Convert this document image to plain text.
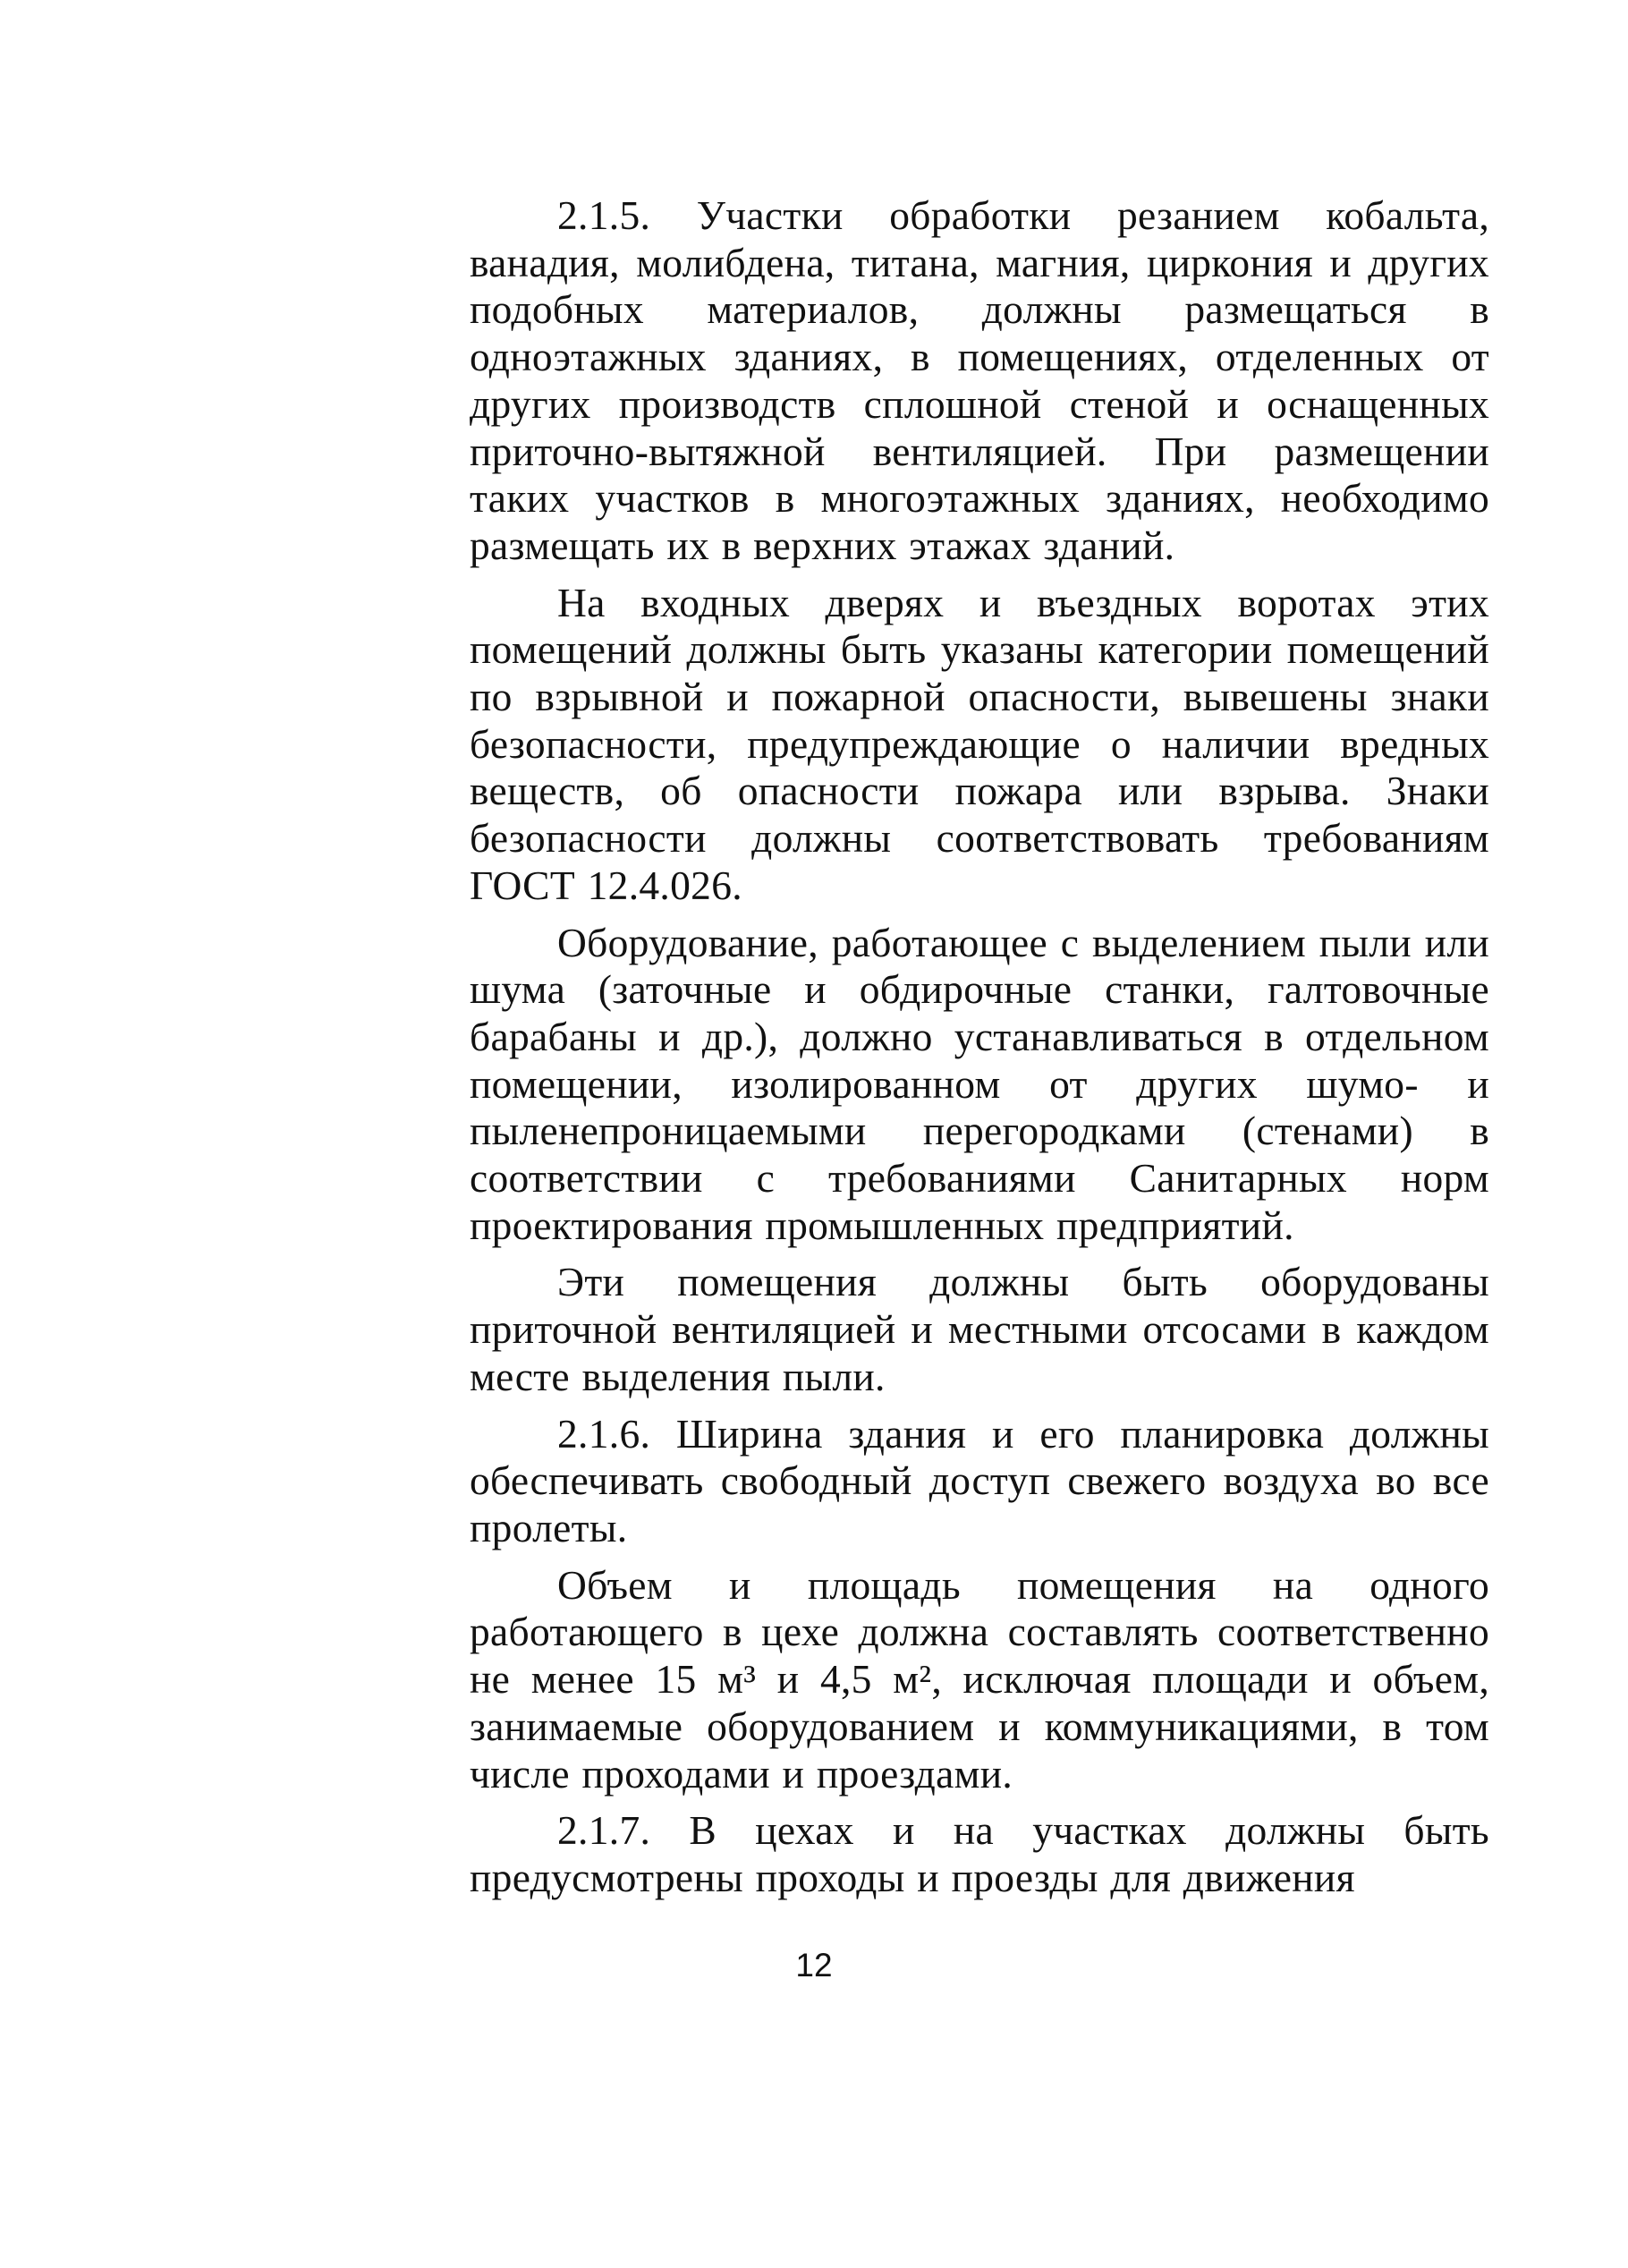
2.1.5. Участки обработки резанием кобальта, ванадия, молибдена, титана, магния, циркония и других подобных материалов, должны размещаться в одноэтажных зданиях, в помещениях, отделенных от других производств сплошной стеной и оснащенных приточно-вытяжной вентиляцией. При размещении таких участков в многоэтажных зданиях, необходимо размещать их в верхних этажах зданий.

На входных дверях и въездных воротах этих помещений должны быть указаны категории помещений по взрывной и пожарной опасности, вывешены знаки безопасности, предупреждающие о наличии вредных веществ, об опасности пожара или взрыва. Знаки безопасности должны соответствовать требованиям ГОСТ 12.4.026.

Оборудование, работающее с выделением пыли или шума (заточные и обдирочные станки, галтовочные барабаны и др.), должно устанавливаться в отдельном помещении, изолированном от других шумо- и пыленепроницаемыми перегородками (стенами) в соответствии с требованиями Санитарных норм проектирования промышленных предприятий.

Эти помещения должны быть оборудованы приточной вентиляцией и местными отсосами в каждом месте выделения пыли.

2.1.6. Ширина здания и его планировка должны обеспечивать свободный доступ свежего воздуха во все пролеты.

Объем и площадь помещения на одного работающего в цехе должна составлять соответственно не менее 15 м³ и 4,5 м², исключая площади и объем, занимаемые оборудованием и коммуникациями, в том числе проходами и проездами.

2.1.7. В цехах и на участках должны быть предусмотрены проходы и проезды для движения

12
